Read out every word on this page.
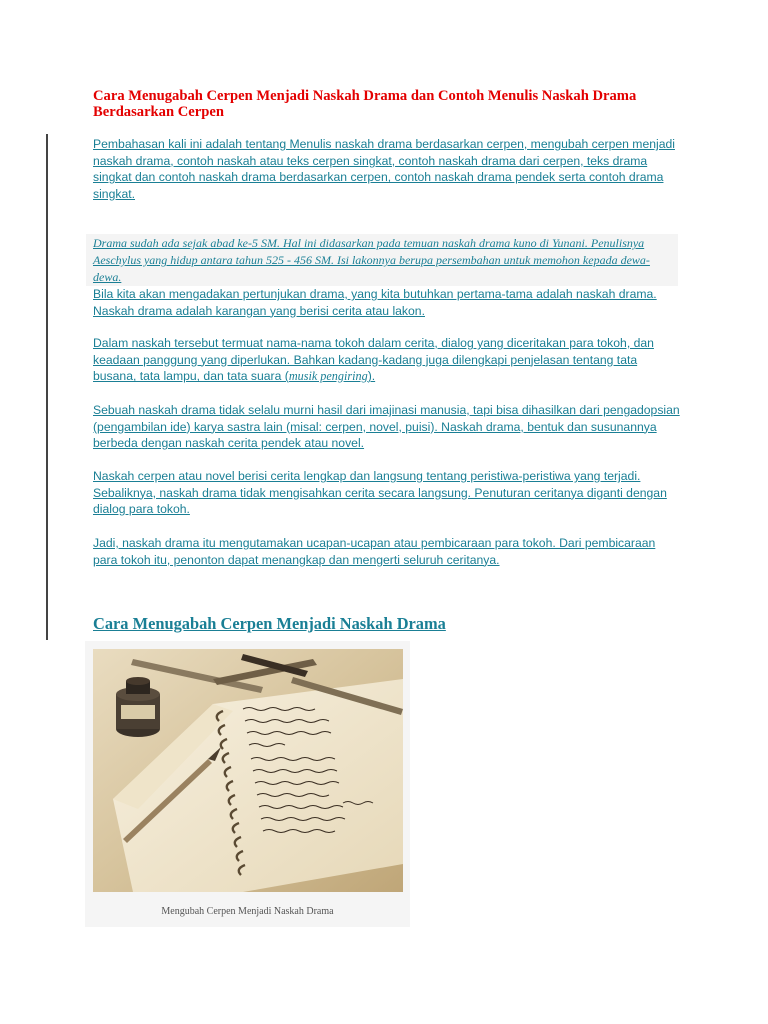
Cara Menugabah Cerpen Menjadi Naskah Drama dan Contoh Menulis Naskah Drama Berdasarkan Cerpen

Pembahasan kali ini adalah tentang Menulis naskah drama berdasarkan cerpen, mengubah cerpen menjadi naskah drama, contoh naskah atau teks cerpen singkat, contoh naskah drama dari cerpen, teks drama singkat dan contoh naskah drama berdasarkan cerpen, contoh naskah drama pendek serta contoh drama singkat.

Drama sudah ada sejak abad ke-5 SM. Hal ini didasarkan pada temuan naskah drama kuno di Yunani. Penulisnya Aeschylus yang hidup antara tahun 525 - 456 SM. Isi lakonnya berupa persembahan untuk memohon kepada dewa-dewa.

Bila kita akan mengadakan pertunjukan drama, yang kita butuhkan pertama-tama adalah naskah drama. Naskah drama adalah karangan yang berisi cerita atau lakon.

Dalam naskah tersebut termuat nama-nama tokoh dalam cerita, dialog yang diceritakan para tokoh, dan keadaan panggung yang diperlukan. Bahkan kadang-kadang juga dilengkapi penjelasan tentang tata busana, tata lampu, dan tata suara (musik pengiring).

Sebuah naskah drama tidak selalu murni hasil dari imajinasi manusia, tapi bisa dihasilkan dari pengadopsian (pengambilan ide) karya sastra lain (misal: cerpen, novel, puisi). Naskah drama, bentuk dan susunannya berbeda dengan naskah cerita pendek atau novel.

Naskah cerpen atau novel berisi cerita lengkap dan langsung tentang peristiwa-peristiwa yang terjadi. Sebaliknya, naskah drama tidak mengisahkan cerita secara langsung. Penuturan ceritanya diganti dengan dialog para tokoh.

Jadi, naskah drama itu mengutamakan ucapan-ucapan atau pembicaraan para tokoh. Dari pembicaraan para tokoh itu, penonton dapat menangkap dan mengerti seluruh ceritanya.

Cara Menugabah Cerpen Menjadi Naskah Drama

Mengubah Cerpen Menjadi Naskah Drama
